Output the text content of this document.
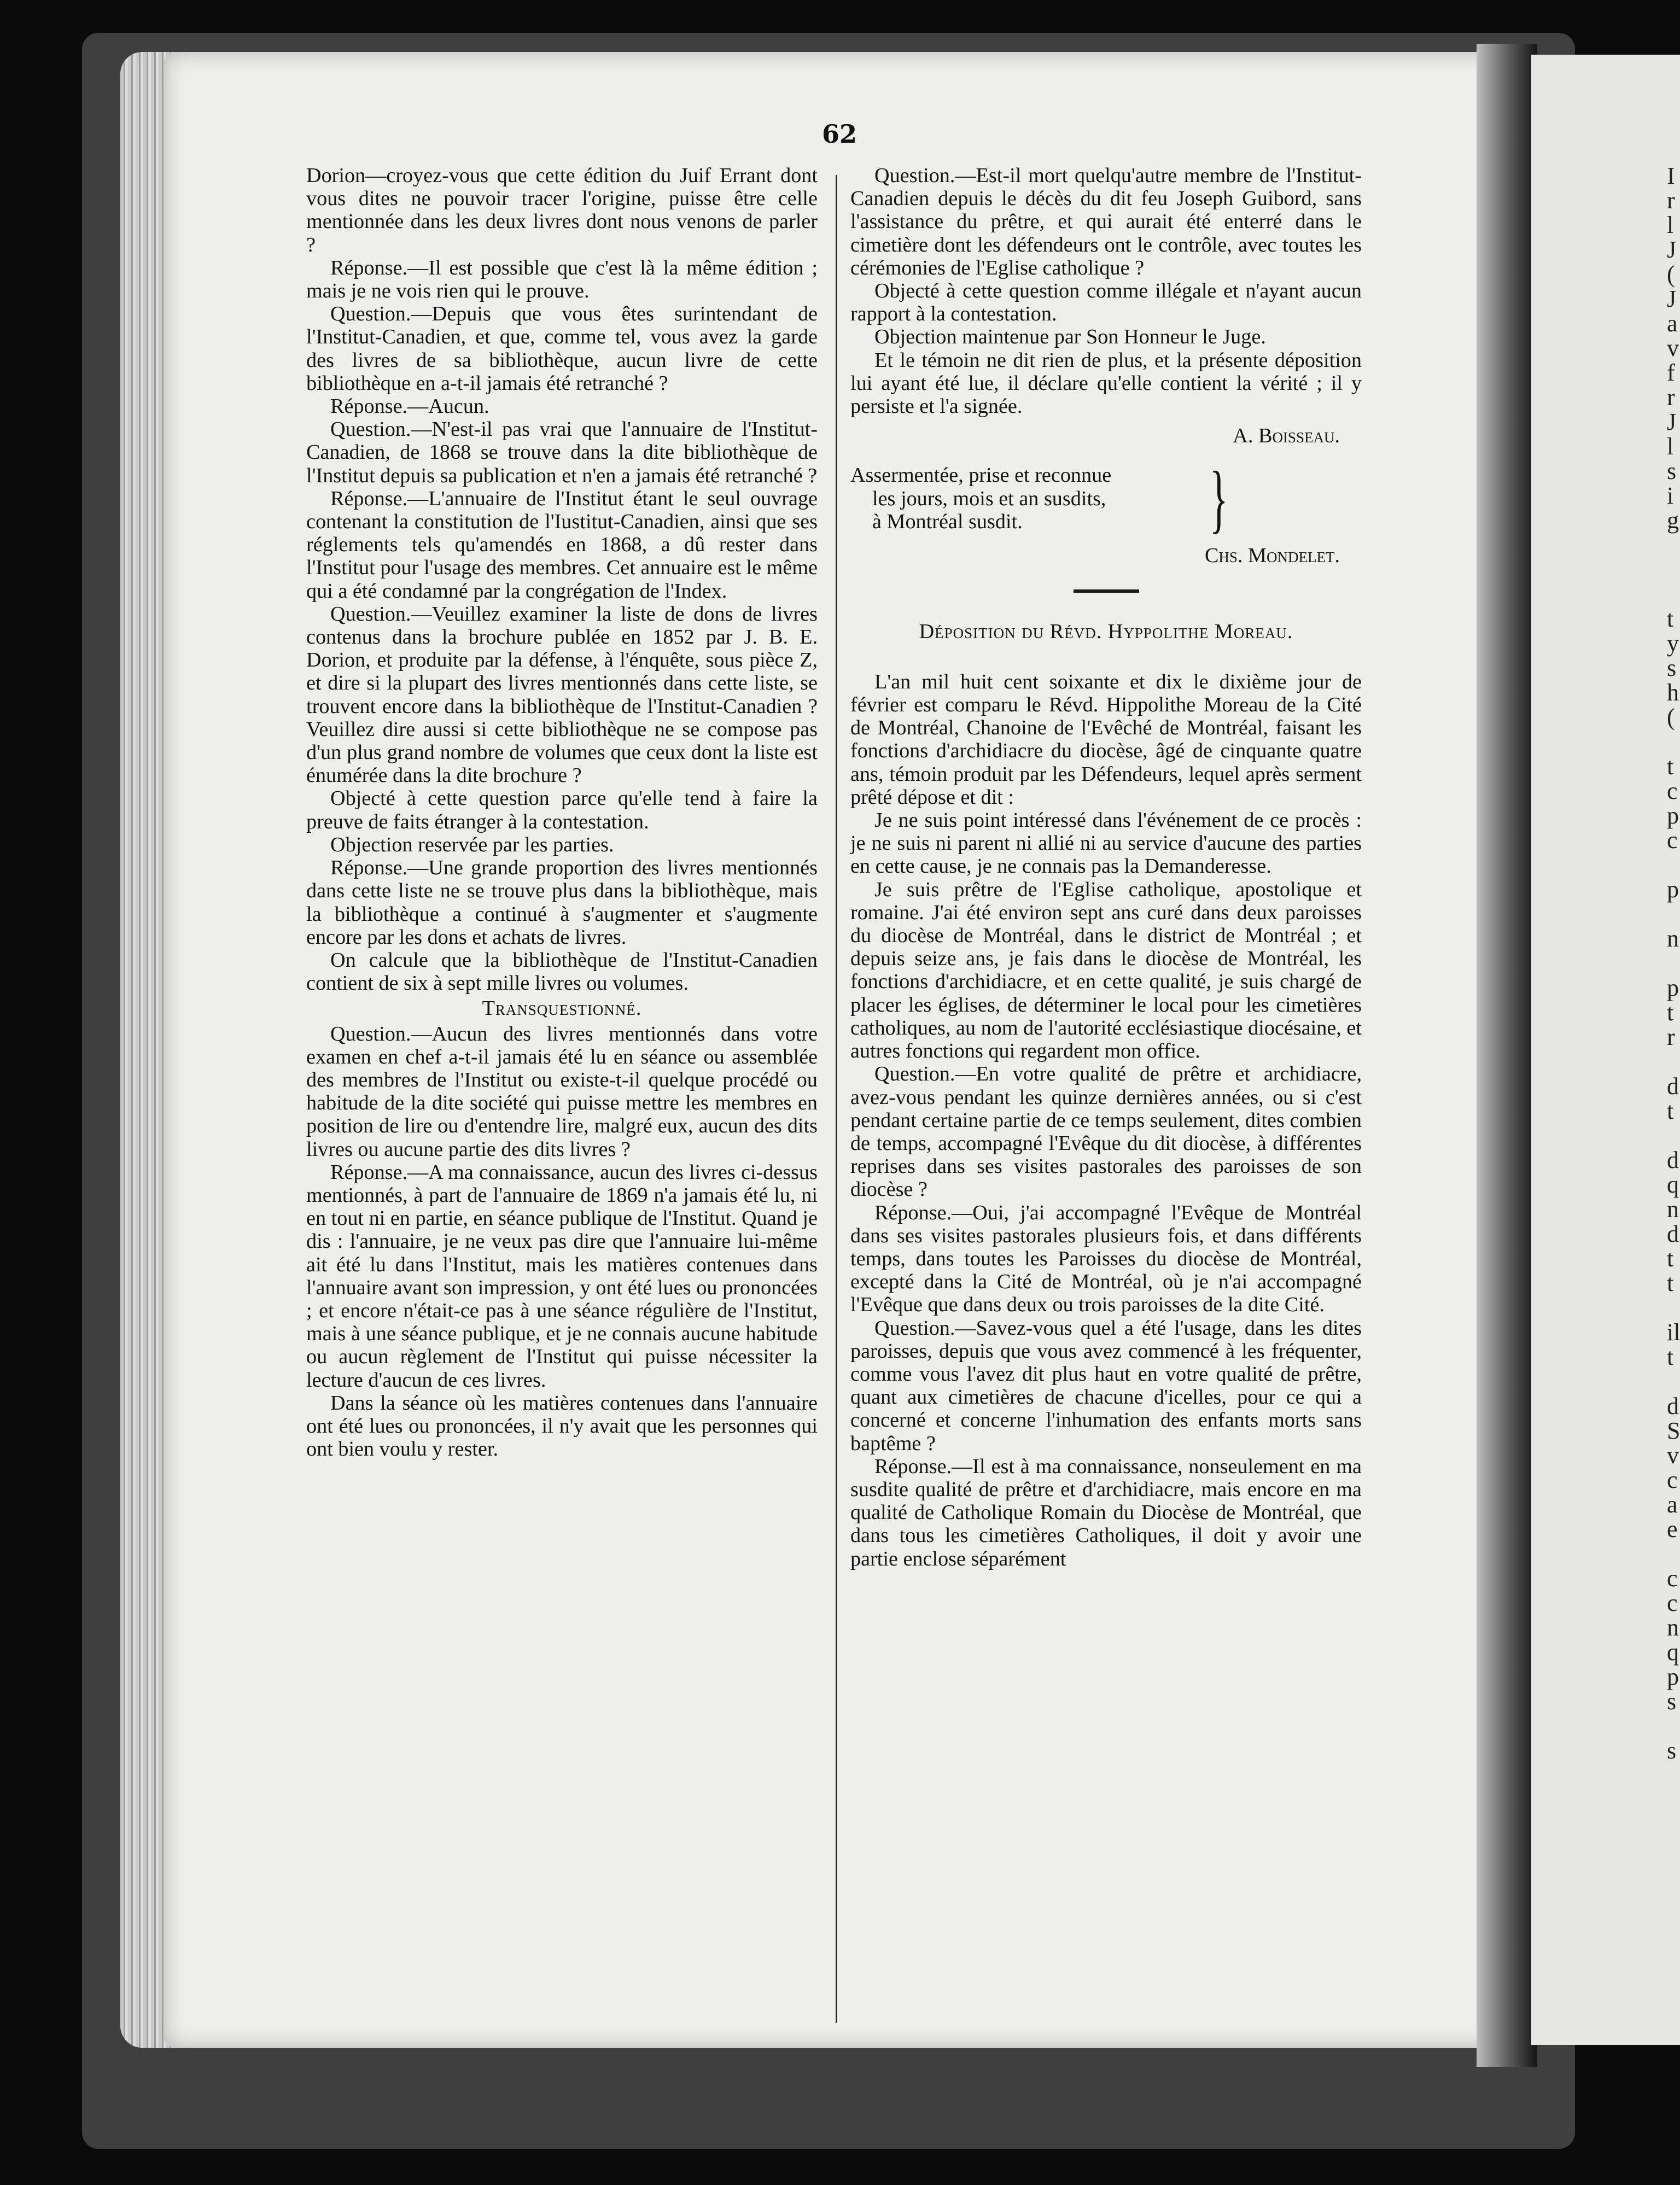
I
r
l
J
(
J
a
v
f
r
J
l
s
i
g
t
y
s
h
(
t
c
p
c
p
n
p
t
r
d
t
d
q
n
d
t
t
il
t
d
S
v
c
a
e
c
c
n
q
p
s
s
62

Dorion—croyez-vous que cette édition du Juif Errant dont vous dites ne pouvoir tracer l'origine, puisse être celle mentionnée dans les deux livres dont nous venons de parler ?

Réponse.—Il est possible que c'est là la même édition ; mais je ne vois rien qui le prouve.

Question.—Depuis que vous êtes surintendant de l'Institut-Canadien, et que, comme tel, vous avez la garde des livres de sa bibliothèque, aucun livre de cette bibliothèque en a-t-il jamais été retranché ?

Réponse.—Aucun.

Question.—N'est-il pas vrai que l'annuaire de l'Institut-Canadien, de 1868 se trouve dans la dite bibliothèque de l'Institut depuis sa publication et n'en a jamais été retranché ?

Réponse.—L'annuaire de l'Institut étant le seul ouvrage contenant la constitution de l'Iustitut-Canadien, ainsi que ses réglements tels qu'amendés en 1868, a dû rester dans l'Institut pour l'usage des membres. Cet annuaire est le même qui a été condamné par la congrégation de l'Index.

Question.—Veuillez examiner la liste de dons de livres contenus dans la brochure publée en 1852 par J. B. E. Dorion, et produite par la défense, à l'énquête, sous pièce Z, et dire si la plupart des livres mentionnés dans cette liste, se trouvent encore dans la bibliothèque de l'Institut-Canadien ? Veuillez dire aussi si cette bibliothèque ne se compose pas d'un plus grand nombre de volumes que ceux dont la liste est énumérée dans la dite brochure ?

Objecté à cette question parce qu'elle tend à faire la preuve de faits étranger à la contestation.

Objection reservée par les parties.

Réponse.—Une grande proportion des livres mentionnés dans cette liste ne se trouve plus dans la bibliothèque, mais la bibliothèque a continué à s'augmenter et s'augmente encore par les dons et achats de livres.

On calcule que la bibliothèque de l'Institut-Canadien contient de six à sept mille livres ou volumes.

Transquestionné.

Question.—Aucun des livres mentionnés dans votre examen en chef a-t-il jamais été lu en séance ou assemblée des membres de l'Institut ou existe-t-il quelque procédé ou habitude de la dite société qui puisse mettre les membres en position de lire ou d'entendre lire, malgré eux, aucun des dits livres ou aucune partie des dits livres ?

Réponse.—A ma connaissance, aucun des livres ci-dessus mentionnés, à part de l'annuaire de 1869 n'a jamais été lu, ni en tout ni en partie, en séance publique de l'Institut. Quand je dis : l'annuaire, je ne veux pas dire que l'annuaire lui-même ait été lu dans l'Institut, mais les matières contenues dans l'annuaire avant son impression, y ont été lues ou prononcées ; et encore n'était-ce pas à une séance régulière de l'Institut, mais à une séance publique, et je ne connais aucune habitude ou aucun règlement de l'Institut qui puisse nécessiter la lecture d'aucun de ces livres.

Dans la séance où les matières contenues dans l'annuaire ont été lues ou prononcées, il n'y avait que les personnes qui ont bien voulu y rester.

Question.—Est-il mort quelqu'autre membre de l'Institut-Canadien depuis le décès du dit feu Joseph Guibord, sans l'assistance du prêtre, et qui aurait été enterré dans le cimetière dont les défendeurs ont le contrôle, avec toutes les cérémonies de l'Eglise catholique ?

Objecté à cette question comme illégale et n'ayant aucun rapport à la contestation.

Objection maintenue par Son Honneur le Juge.

Et le témoin ne dit rien de plus, et la présente déposition lui ayant été lue, il déclare qu'elle contient la vérité ; il y persiste et l'a signée.

A. Boisseau.
Assermentée, prise et reconnue
les jours, mois et an susdits,
à Montréal susdit.	}
Chs. Mondelet.
Déposition du Révd. Hyppolithe Moreau.

L'an mil huit cent soixante et dix le dixième jour de février est comparu le Révd. Hippolithe Moreau de la Cité de Montréal, Chanoine de l'Evêché de Montréal, faisant les fonctions d'archidiacre du diocèse, âgé de cinquante quatre ans, témoin produit par les Défendeurs, lequel après serment prêté dépose et dit :

Je ne suis point intéressé dans l'événement de ce procès : je ne suis ni parent ni allié ni au service d'aucune des parties en cette cause, je ne connais pas la Demanderesse.

Je suis prêtre de l'Eglise catholique, apostolique et romaine. J'ai été environ sept ans curé dans deux paroisses du diocèse de Montréal, dans le district de Montréal ; et depuis seize ans, je fais dans le diocèse de Montréal, les fonctions d'archidiacre, et en cette qualité, je suis chargé de placer les églises, de déterminer le local pour les cimetières catholiques, au nom de l'autorité ecclésiastique diocésaine, et autres fonctions qui regardent mon office.

Question.—En votre qualité de prêtre et archidiacre, avez-vous pendant les quinze dernières années, ou si c'est pendant certaine partie de ce temps seulement, dites combien de temps, accompagné l'Evêque du dit diocèse, à différentes reprises dans ses visites pastorales des paroisses de son diocèse ?

Réponse.—Oui, j'ai accompagné l'Evêque de Montréal dans ses visites pastorales plusieurs fois, et dans différents temps, dans toutes les Paroisses du diocèse de Montréal, excepté dans la Cité de Montréal, où je n'ai accompagné l'Evêque que dans deux ou trois paroisses de la dite Cité.

Question.—Savez-vous quel a été l'usage, dans les dites paroisses, depuis que vous avez commencé à les fréquenter, comme vous l'avez dit plus haut en votre qualité de prêtre, quant aux cimetières de chacune d'icelles, pour ce qui a concerné et concerne l'inhumation des enfants morts sans baptême ?

Réponse.—Il est à ma connaissance, nonseulement en ma susdite qualité de prêtre et d'archidiacre, mais encore en ma qualité de Catholique Romain du Diocèse de Montréal, que dans tous les cimetières Catholiques, il doit y avoir une partie enclose séparément
